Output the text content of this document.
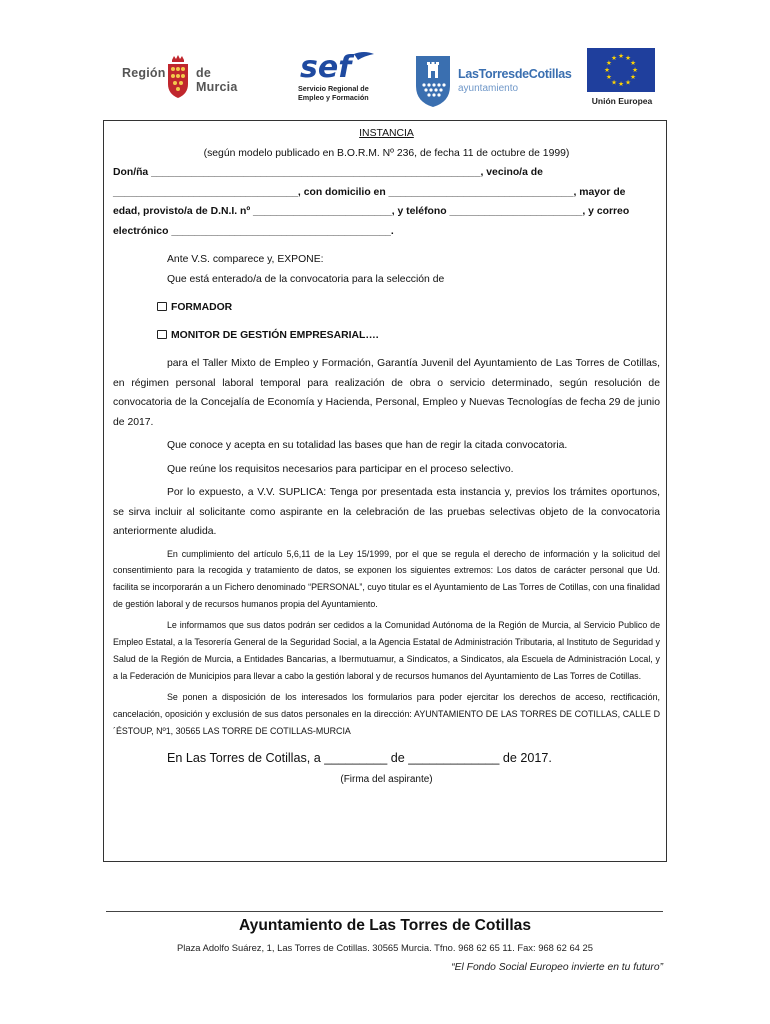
Región de Murcia
sef
Servicio Regional de
Empleo y Formación
LasTorresdeCotillas
ayuntamiento
★ ★
★
★
★
★
★
★
★
★
★
★
Unión Europea
INSTANCIA
(según modelo publicado en B.O.R.M. Nº 236, de fecha 11 de octubre de 1999)
Don/ña _________________________________________________________, vecino/a de
________________________________, con domicilio en ________________________________, mayor de
edad, provisto/a de D.N.I. nº ________________________, y teléfono _______________________, y correo
electrónico ______________________________________.
Ante V.S. comparece y, EXPONE:
Que está enterado/a de la convocatoria para la selección de
FORMADOR
MONITOR DE GESTIÓN EMPRESARIAL….
para el Taller Mixto de Empleo y Formación, Garantía Juvenil del Ayuntamiento de Las Torres de Cotillas, en régimen personal laboral temporal para realización de obra o servicio determinado, según resolución de convocatoria de la Concejalía de Economía y Hacienda, Personal, Empleo y Nuevas Tecnologías de fecha 29 de junio de 2017.
Que conoce y acepta en su totalidad las bases que han de regir la citada convocatoria.
Que reúne los requisitos necesarios para participar en el proceso selectivo.
Por lo expuesto, a V.V. SUPLICA: Tenga por presentada esta instancia y, previos los trámites oportunos, se sirva incluir al solicitante como aspirante en la celebración de las pruebas selectivas objeto de la convocatoria anteriormente aludida.
En cumplimiento del artículo 5,6,11 de la Ley 15/1999, por el que se regula el derecho de información y la solicitud del consentimiento para la recogida y tratamiento de datos, se exponen los siguientes extremos: Los datos de carácter personal que Ud. facilita se incorporarán a un Fichero denominado “PERSONAL”, cuyo titular es el Ayuntamiento de Las Torres de Cotillas, con una finalidad de gestión laboral y de recursos humanos propia del Ayuntamiento.
Le informamos que sus datos podrán ser cedidos a la Comunidad Autónoma de la Región de Murcia, al Servicio Publico de Empleo Estatal, a la Tesorería General de la Seguridad Social, a la Agencia Estatal de Administración Tributaria, al Instituto de Seguridad y Salud de la Región de Murcia, a Entidades Bancarias, a Ibermutuamur, a Sindicatos, a Sindicatos, ala Escuela de Administración Local, y a la Federación de Municipios para llevar a cabo la gestión laboral y de recursos humanos del Ayuntamiento de Las Torres de Cotillas.
Se ponen a disposición de los interesados los formularios para poder ejercitar los derechos de acceso, rectificación, cancelación, oposición y exclusión de sus datos personales en la dirección: AYUNTAMIENTO DE LAS TORRES DE COTILLAS, CALLE D´ÉSTOUP, Nº1, 30565 LAS TORRE DE COTILLAS-MURCIA
En Las Torres de Cotillas, a _________ de _____________ de 2017.
(Firma del aspirante)
Ayuntamiento de Las Torres de Cotillas
Plaza Adolfo Suárez, 1, Las Torres de Cotillas. 30565 Murcia. Tfno. 968 62 65 11. Fax: 968 62 64 25
“El Fondo Social Europeo invierte en tu futuro”
